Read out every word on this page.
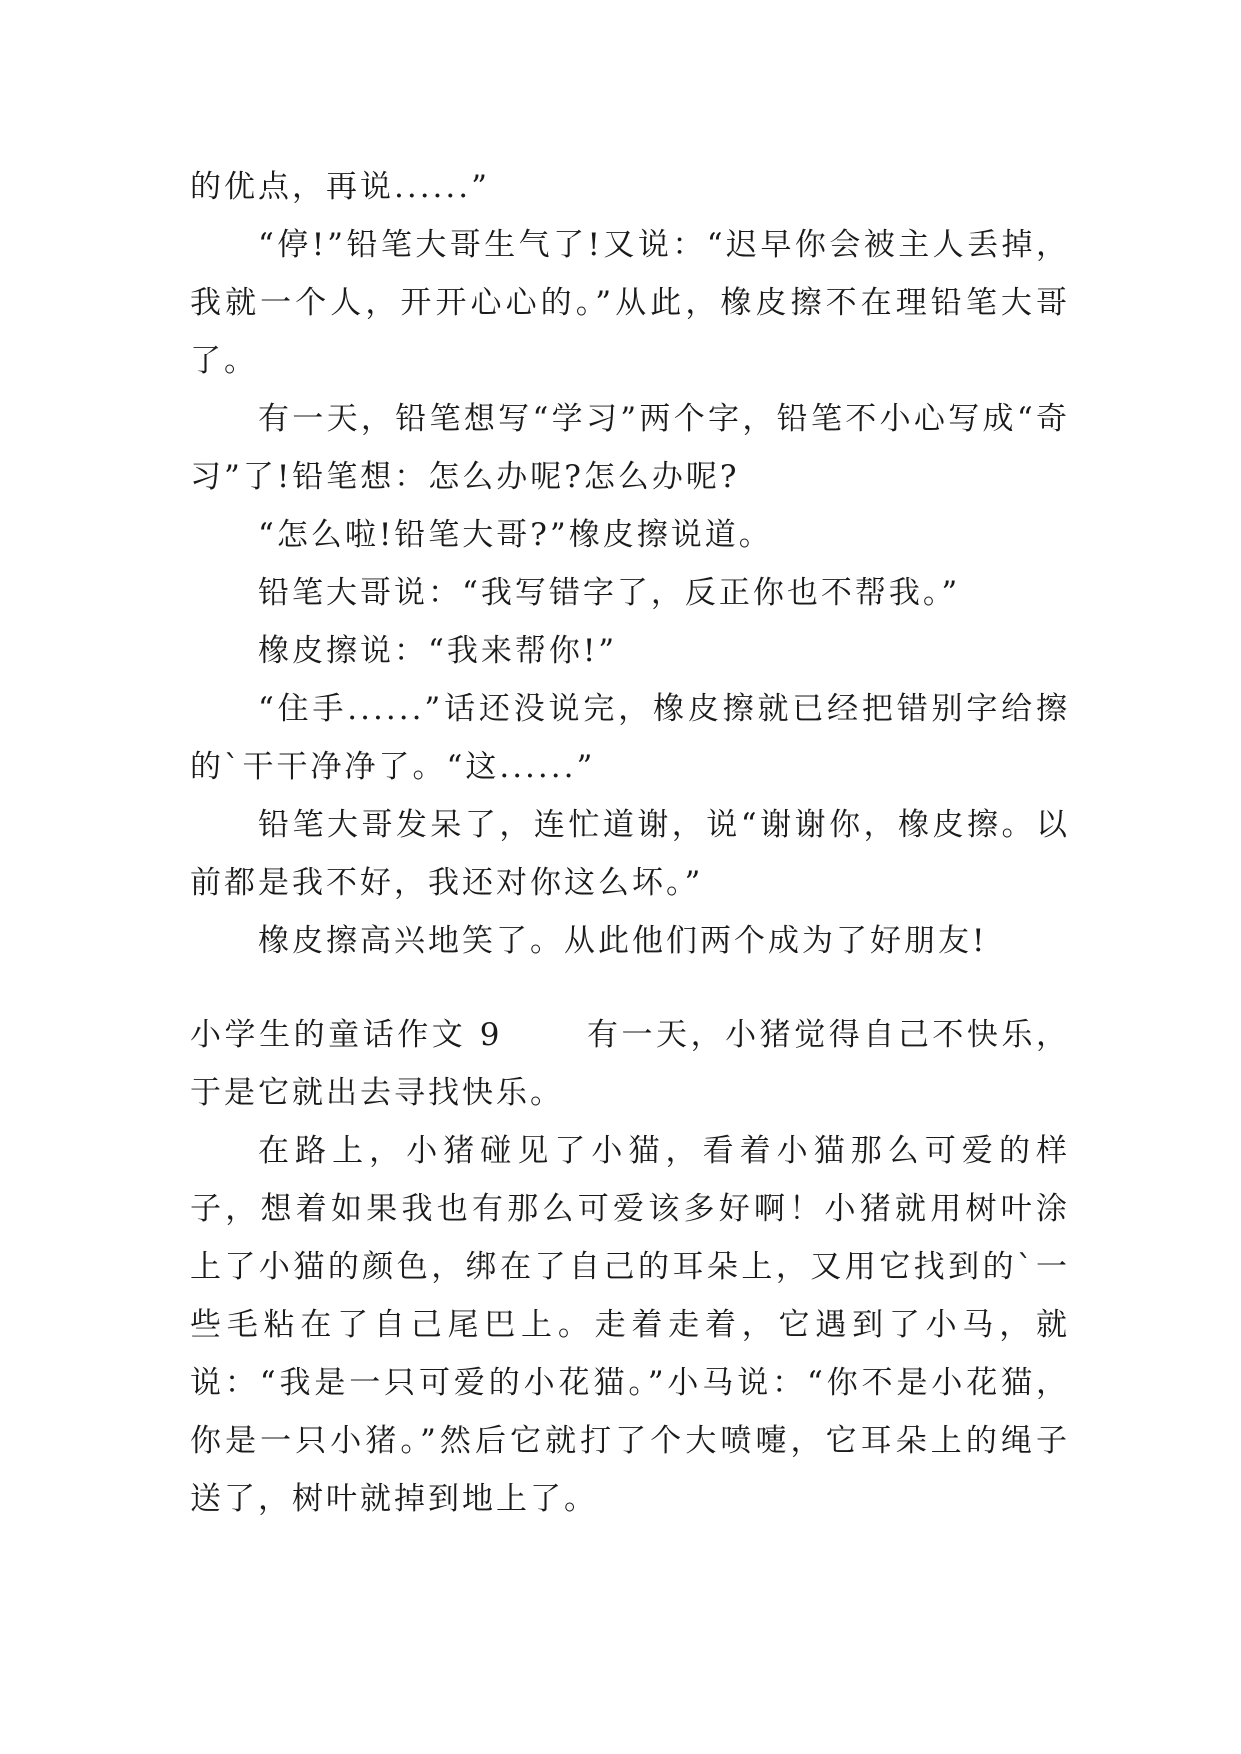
的优点，再说......”

“停!”铅笔大哥生气了!又说：“迟早你会被主人丢掉，我就一个人，开开心心的。”从此，橡皮擦不在理铅笔大哥了。

有一天，铅笔想写“学习”两个字，铅笔不小心写成“奇习”了!铅笔想：怎么办呢?怎么办呢?

“怎么啦!铅笔大哥?”橡皮擦说道。

铅笔大哥说：“我写错字了，反正你也不帮我。”

橡皮擦说：“我来帮你!”

“住手......”话还没说完，橡皮擦就已经把错别字给擦的`干干净净了。“这......”

铅笔大哥发呆了，连忙道谢，说“谢谢你，橡皮擦。以前都是我不好，我还对你这么坏。”

橡皮擦高兴地笑了。从此他们两个成为了好朋友!

小学生的童话作文 9	有一天，小猪觉得自己不快乐，于是它就出去寻找快乐。

在路上，小猪碰见了小猫，看着小猫那么可爱的样子，想着如果我也有那么可爱该多好啊！小猪就用树叶涂上了小猫的颜色，绑在了自己的耳朵上，又用它找到的`一些毛粘在了自己尾巴上。走着走着，它遇到了小马，就说：“我是一只可爱的小花猫。”小马说：“你不是小花猫，你是一只小猪。”然后它就打了个大喷嚏，它耳朵上的绳子送了，树叶就掉到地上了。
